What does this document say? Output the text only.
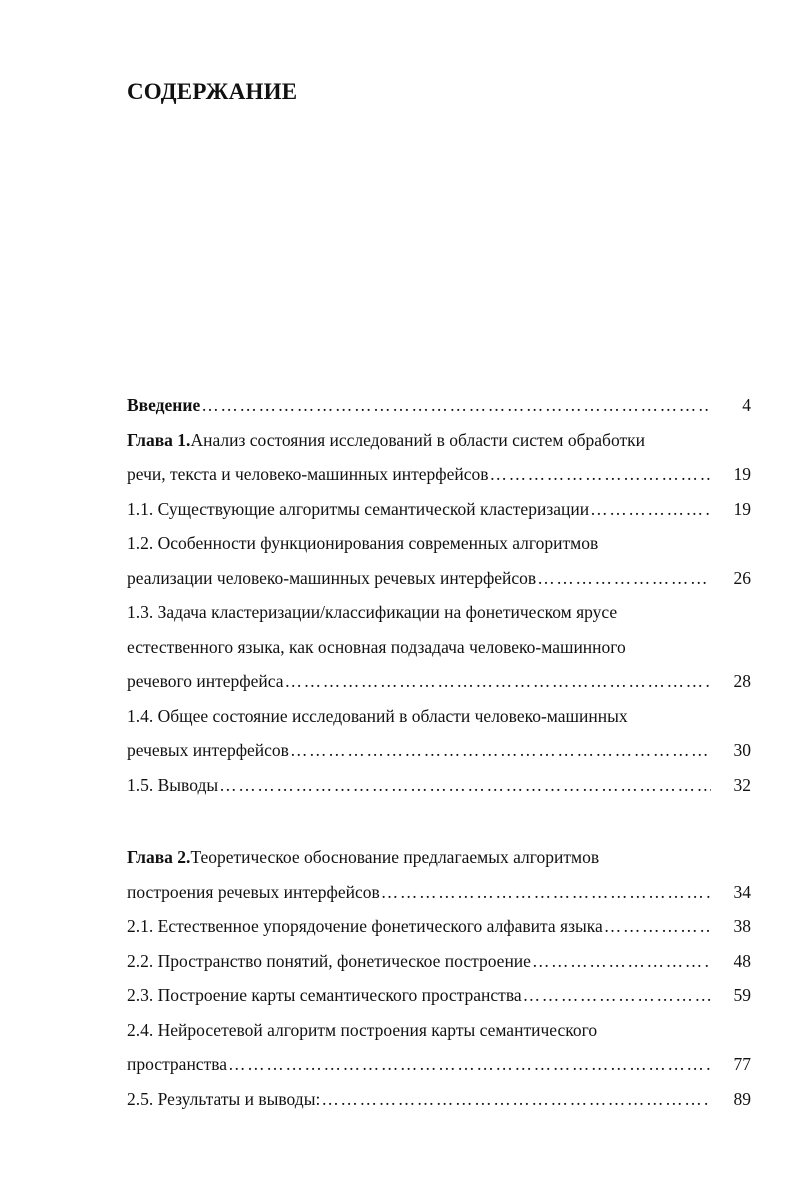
СОДЕРЖАНИЕ
Введение ……………………………………………………………………………………………………………………………………………………………………	4
Глава 1.Анализ состояния исследований в области систем обработки
речи, текста и человеко-машинных интерфейсов ……………………………………………………………………………………………………………………………………………………………………	19
1.1. Существующие алгоритмы семантической кластеризации ……………………………………………………………………………………………………………………………………………………………………	19
1.2. Особенности функционирования современных алгоритмов
реализации человеко-машинных речевых интерфейсов ……………………………………………………………………………………………………………………………………………………………………	26
1.3. Задача кластеризации/классификации на фонетическом ярусе
естественного языка, как основная подзадача человеко-машинного
речевого интерфейса ……………………………………………………………………………………………………………………………………………………………………	28
1.4. Общее состояние исследований в области человеко-машинных
речевых интерфейсов ……………………………………………………………………………………………………………………………………………………………………	30
1.5. Выводы ……………………………………………………………………………………………………………………………………………………………………	32
Глава 2.Теоретическое обоснование предлагаемых алгоритмов
построения речевых интерфейсов ……………………………………………………………………………………………………………………………………………………………………	34
2.1. Естественное упорядочение фонетического алфавита языка ……………………………………………………………………………………………………………………………………………………………………	38
2.2. Пространство понятий, фонетическое построение ……………………………………………………………………………………………………………………………………………………………………	48
2.3. Построение карты семантического пространства ……………………………………………………………………………………………………………………………………………………………………	59
2.4. Нейросетевой алгоритм построения карты семантического
пространства ……………………………………………………………………………………………………………………………………………………………………	77
2.5. Результаты и выводы: ……………………………………………………………………………………………………………………………………………………………………	89
